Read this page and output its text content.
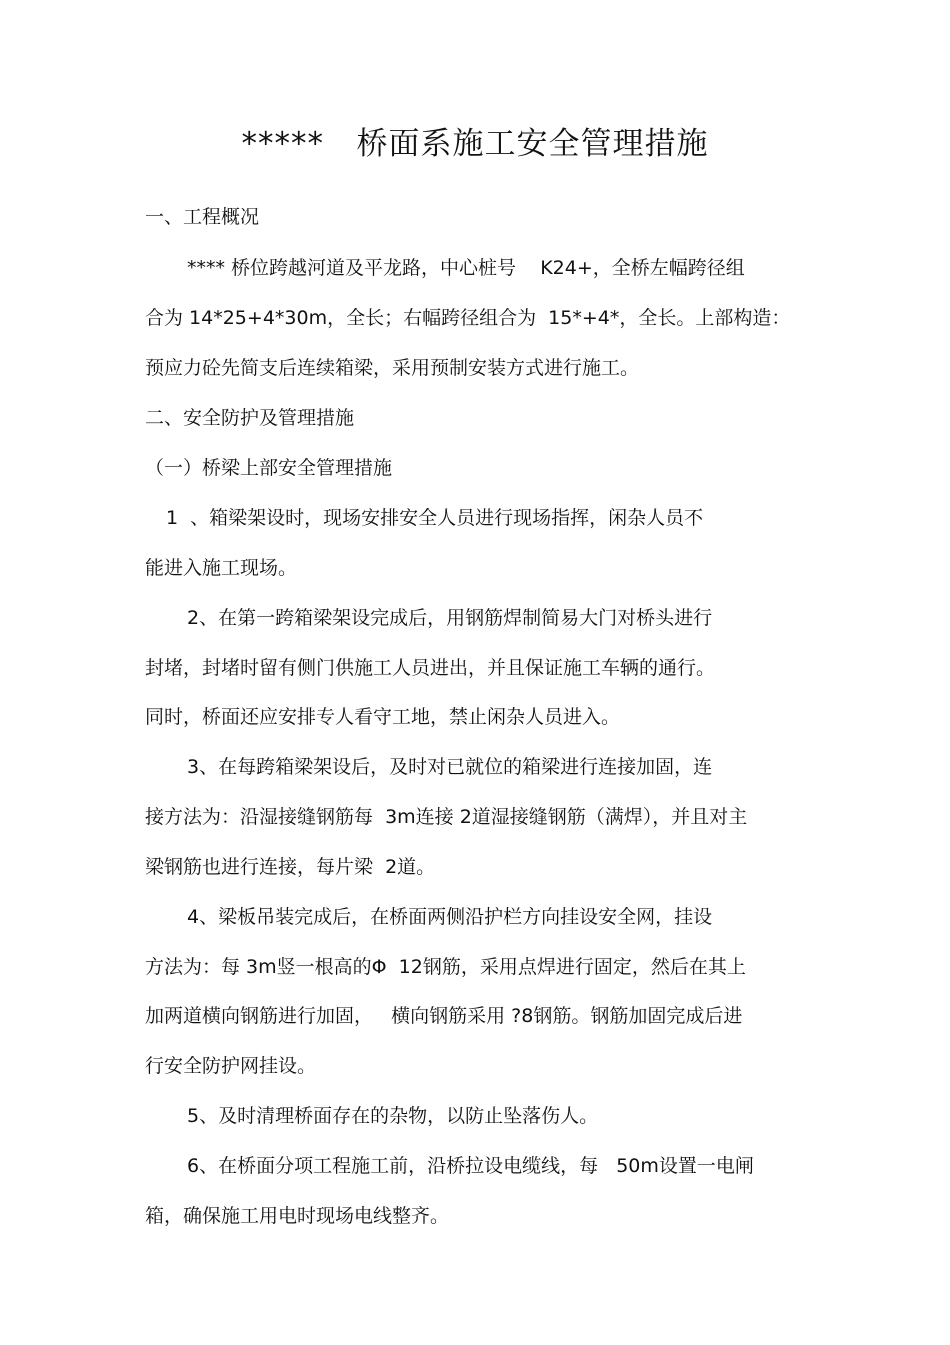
*****   桥面系施工安全管理措施
一、工程概况
**** 桥位跨越河道及平龙路，中心桩号    K24+，全桥左幅跨径组
合为 14*25+4*30m，全长；右幅跨径组合为  15*+4*，全长。上部构造：
预应力砼先简支后连续箱梁，采用预制安装方式进行施工。
二、安全防护及管理措施
（一）桥梁上部安全管理措施
1  、箱梁架设时，现场安排安全人员进行现场指挥，闲杂人员不
能进入施工现场。
2、在第一跨箱梁架设完成后，用钢筋焊制简易大门对桥头进行
封堵，封堵时留有侧门供施工人员进出，并且保证施工车辆的通行。
同时，桥面还应安排专人看守工地，禁止闲杂人员进入。
3、在每跨箱梁架设后，及时对已就位的箱梁进行连接加固，连
接方法为：沿湿接缝钢筋每  3m连接 2道湿接缝钢筋（满焊），并且对主
梁钢筋也进行连接，每片梁  2道。
4、梁板吊装完成后，在桥面两侧沿护栏方向挂设安全网，挂设
方法为：每 3m竖一根高的Φ  12钢筋，采用点焊进行固定，然后在其上
加两道横向钢筋进行加固，   横向钢筋采用 ?8钢筋。钢筋加固完成后进
行安全防护网挂设。
5、及时清理桥面存在的杂物，以防止坠落伤人。
6、在桥面分项工程施工前，沿桥拉设电缆线，每   50m设置一电闸
箱，确保施工用电时现场电线整齐。
